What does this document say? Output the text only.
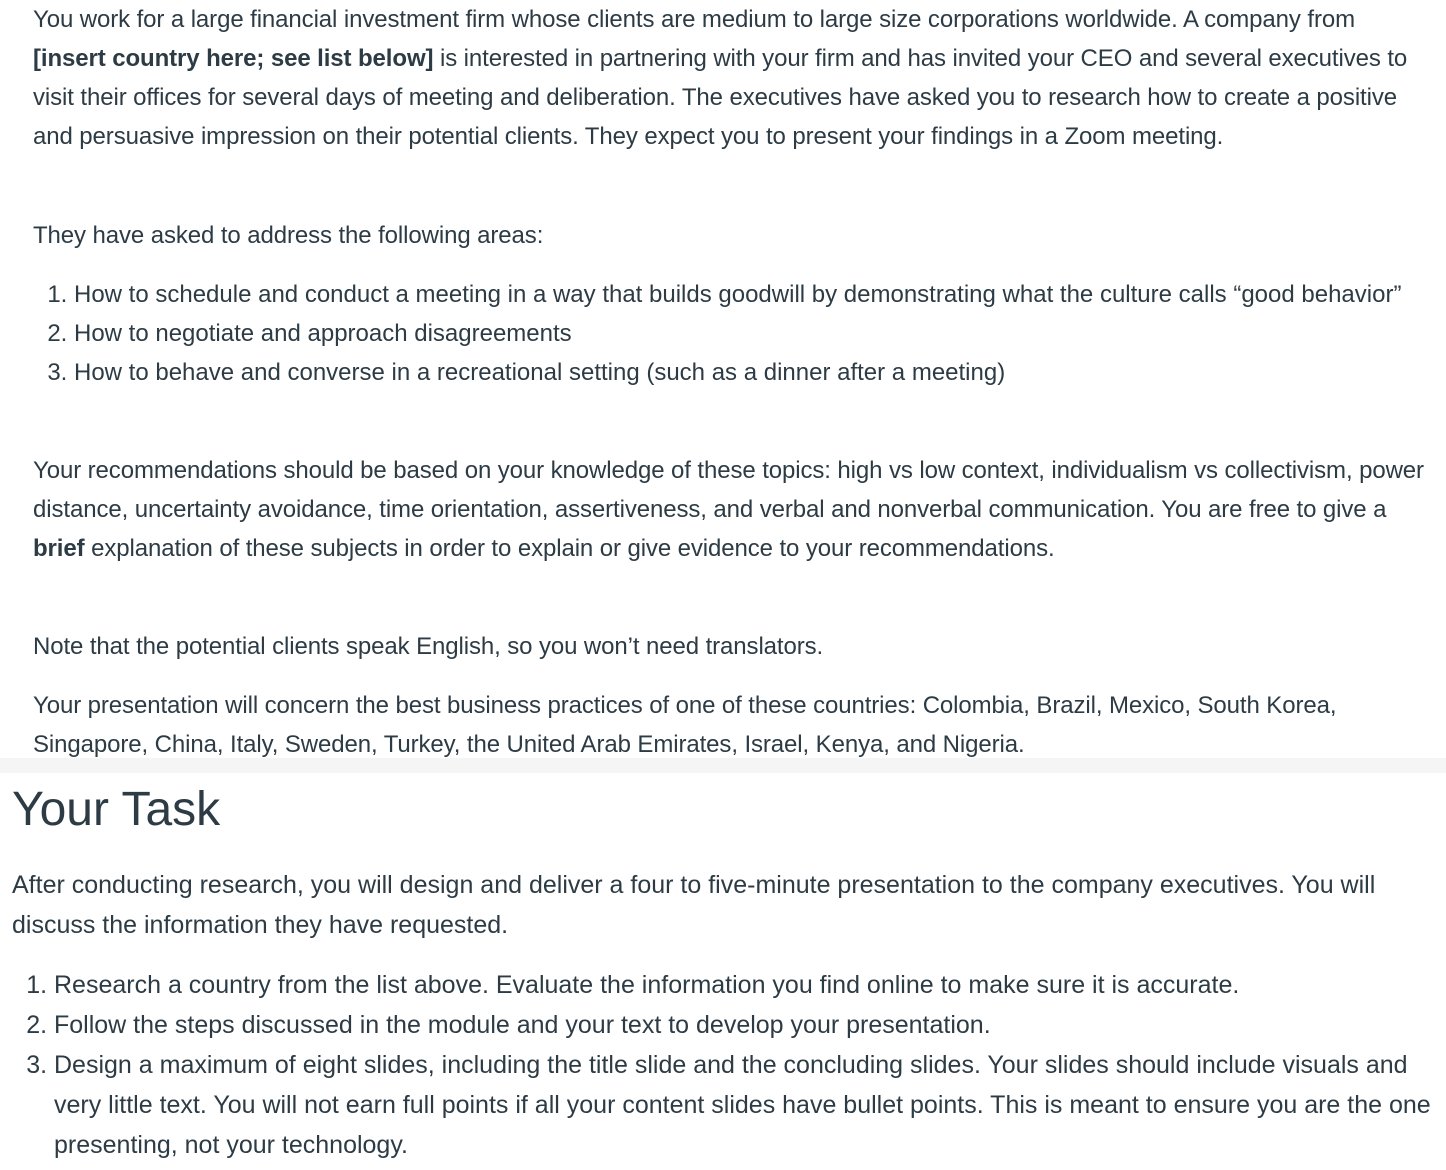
You work for a large financial investment firm whose clients are medium to large size corporations worldwide. A company from [insert country here; see list below] is interested in partnering with your firm and has invited your CEO and several executives to visit their offices for several days of meeting and deliberation. The executives have asked you to research how to create a positive and persuasive impression on their potential clients. They expect you to present your findings in a Zoom meeting.

They have asked to address the following areas:

1. How to schedule and conduct a meeting in a way that builds goodwill by demonstrating what the culture calls “good behavior”
2. How to negotiate and approach disagreements
3. How to behave and converse in a recreational setting (such as a dinner after a meeting)

Your recommendations should be based on your knowledge of these topics: high vs low context, individualism vs collectivism, power distance, uncertainty avoidance, time orientation, assertiveness, and verbal and nonverbal communication. You are free to give a brief explanation of these subjects in order to explain or give evidence to your recommendations.

Note that the potential clients speak English, so you won’t need translators.

Your presentation will concern the best business practices of one of these countries: Colombia, Brazil, Mexico, South Korea, Singapore, China, Italy, Sweden, Turkey, the United Arab Emirates, Israel, Kenya, and Nigeria.

Your Task

After conducting research, you will design and deliver a four to five-minute presentation to the company executives. You will discuss the information they have requested.

1. Research a country from the list above. Evaluate the information you find online to make sure it is accurate.
2. Follow the steps discussed in the module and your text to develop your presentation.
3. Design a maximum of eight slides, including the title slide and the concluding slides. Your slides should include visuals and very little text. You will not earn full points if all your content slides have bullet points. This is meant to ensure you are the one presenting, not your technology.
